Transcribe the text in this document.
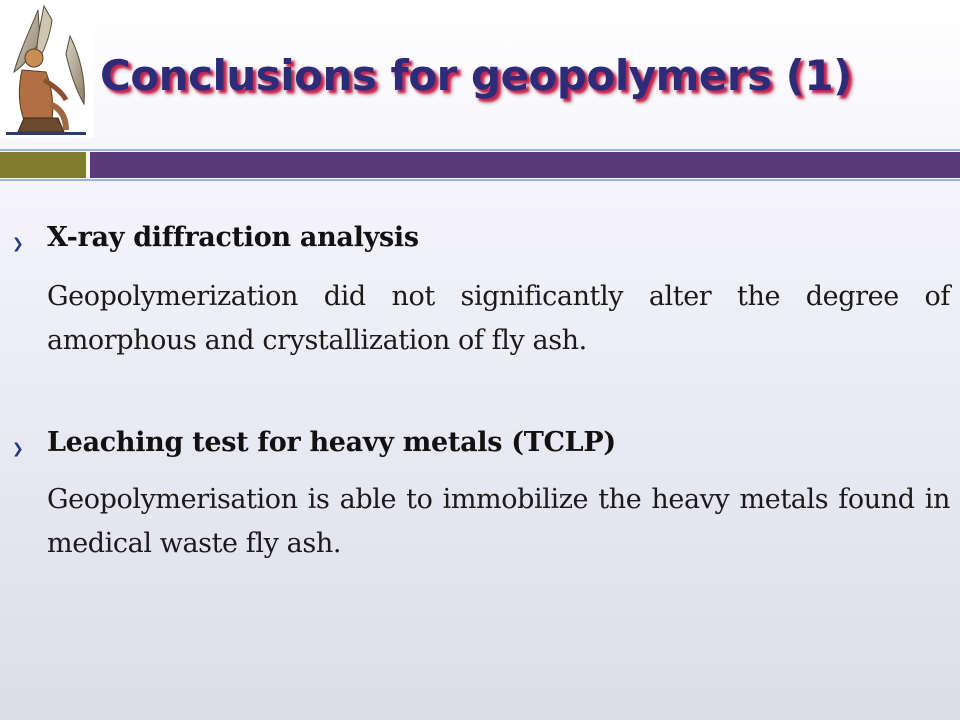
Conclusions for geopolymers (1)
❯ X-ray diffraction analysis

Geopolymerization did not significantly alter the degree of amorphous and crystallization of fly ash.

❯ Leaching test for heavy metals (TCLP)

Geopolymerisation is able to immobilize the heavy metals found in medical waste fly ash.
